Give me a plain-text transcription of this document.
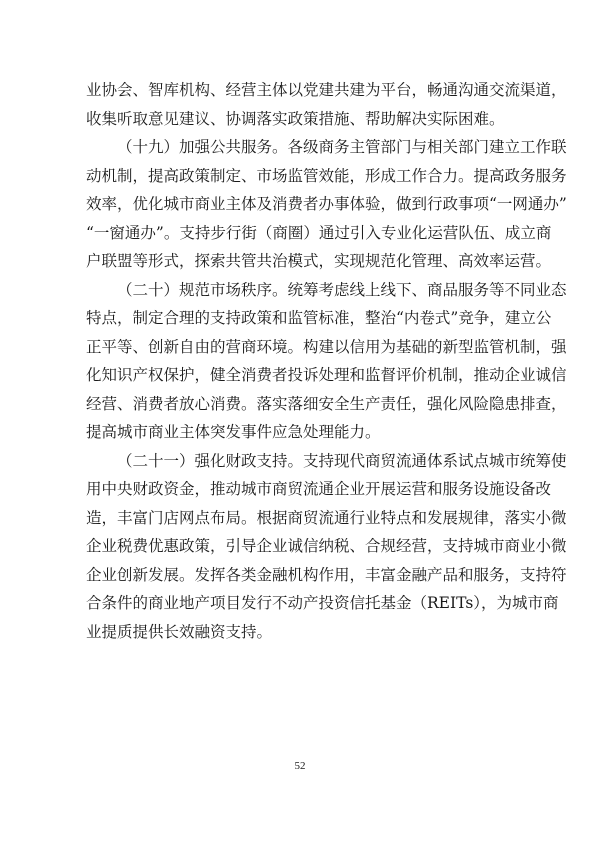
业协会、智库机构、经营主体以党建共建为平台，畅通沟通交流渠道，
收集听取意见建议、协调落实政策措施、帮助解决实际困难。
（十九）加强公共服务。各级商务主管部门与相关部门建立工作联
动机制，提高政策制定、市场监管效能，形成工作合力。提高政务服务
效率，优化城市商业主体及消费者办事体验，做到行政事项“一网通办”
“一窗通办”。支持步行街（商圈）通过引入专业化运营队伍、成立商
户联盟等形式，探索共管共治模式，实现规范化管理、高效率运营。
（二十）规范市场秩序。统筹考虑线上线下、商品服务等不同业态
特点，制定合理的支持政策和监管标准，整治“内卷式”竞争，建立公
正平等、创新自由的营商环境。构建以信用为基础的新型监管机制，强
化知识产权保护，健全消费者投诉处理和监督评价机制，推动企业诚信
经营、消费者放心消费。落实落细安全生产责任，强化风险隐患排查，
提高城市商业主体突发事件应急处理能力。
（二十一）强化财政支持。支持现代商贸流通体系试点城市统筹使
用中央财政资金，推动城市商贸流通企业开展运营和服务设施设备改
造，丰富门店网点布局。根据商贸流通行业特点和发展规律，落实小微
企业税费优惠政策，引导企业诚信纳税、合规经营，支持城市商业小微
企业创新发展。发挥各类金融机构作用，丰富金融产品和服务，支持符
合条件的商业地产项目发行不动产投资信托基金（REITs），为城市商
业提质提供长效融资支持。
52
